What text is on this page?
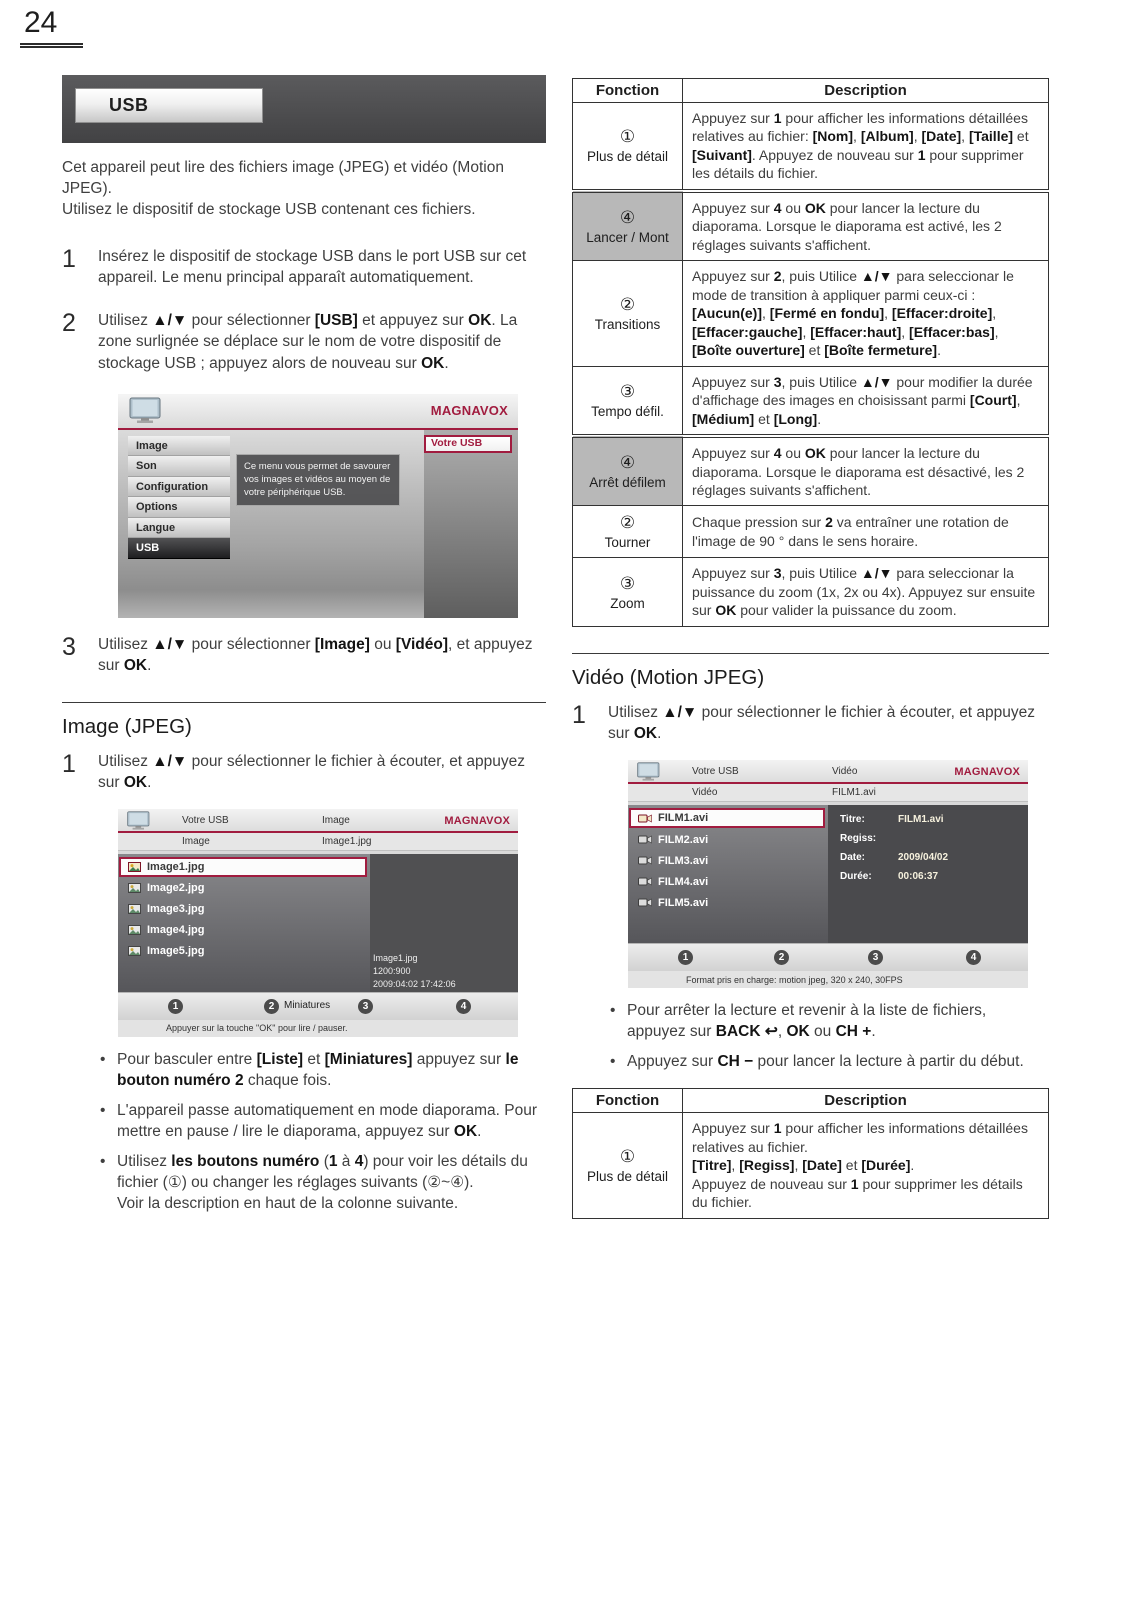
24
USB

Cet appareil peut lire des fichiers image (JPEG) et vidéo (Motion JPEG).
Utilisez le dispositif de stockage USB contenant ces fichiers.

1	Insérez le dispositif de stockage USB dans le port USB sur cet appareil. Le menu principal apparaît automatiquement.
2	Utilisez ▲/▼ pour sélectionner [USB] et appuyez sur OK. La zone surlignée se déplace sur le nom de votre dispositif de stockage USB ; appuyez alors de nouveau sur OK.
MAGNAVOX
Votre USB
Image
Son
Configuration
Options
Langue
USB
Ce menu vous permet de savourer vos images et vidéos au moyen de votre périphérique USB.
3	Utilisez ▲/▼ pour sélectionner [Image] ou [Vidéo], et appuyez sur OK.
Image (JPEG)
1	Utilisez ▲/▼ pour sélectionner le fichier à écouter, et appuyez sur OK.
Votre USB	Image	MAGNAVOX
Image	Image1.jpg
Image1.jpg
Image2.jpg
Image3.jpg
Image4.jpg
Image5.jpg
Image1.jpg
1200:900
2009:04:02 17:42:06
1	2 Miniatures	3	4
Appuyer sur la touche "OK" pour lire / pauser.
•
Pour basculer entre [Liste] et [Miniatures] appuyez sur le bouton numéro 2 chaque fois.
•
L'appareil passe automatiquement en mode diaporama. Pour mettre en pause / lire le diaporama, appuyez sur OK.
•
Utilisez les boutons numéro (1 à 4) pour voir les détails du fichier (①) ou changer les réglages suivants (②~④).
Voir la description en haut de la colonne suivante.
Fonction	Description

①
Plus de détail	Appuyez sur 1 pour afficher les informations détaillées relatives au fichier: [Nom], [Album], [Date], [Taille] et [Suivant]. Appuyez de nouveau sur 1 pour supprimer les détails du fichier.

④
Lancer / Mont	Appuyez sur 4 ou OK pour lancer la lecture du diaporama. Lorsque le diaporama est activé, les 2 réglages suivants s'affichent.

②
Transitions	Appuyez sur 2, puis Utilice ▲/▼ para seleccionar le mode de transition à appliquer parmi ceux-ci : [Aucun(e)], [Fermé en fondu], [Effacer:droite], [Effacer:gauche], [Effacer:haut], [Effacer:bas], [Boîte ouverture] et [Boîte fermeture].

③
Tempo défil.	Appuyez sur 3, puis Utilice ▲/▼ pour modifier la durée d'affichage des images en choisissant parmi [Court], [Médium] et [Long].

④
Arrêt défilem	Appuyez sur 4 ou OK pour lancer la lecture du diaporama. Lorsque le diaporama est désactivé, les 2 réglages suivants s'affichent.

②
Tourner	Chaque pression sur 2 va entraîner une rotation de l'image de 90 ° dans le sens horaire.

③
Zoom	Appuyez sur 3, puis Utilice ▲/▼ para seleccionar la puissance du zoom (1x, 2x ou 4x). Appuyez sur ensuite sur OK pour valider la puissance du zoom.
Vidéo (Motion JPEG)
1	Utilisez ▲/▼ pour sélectionner le fichier à écouter, et appuyez sur OK.
Votre USB	Vidéo	MAGNAVOX
Vidéo	FILM1.avi
FILM1.avi
FILM2.avi
FILM3.avi
FILM4.avi
FILM5.avi
Titre:	FILM1.avi
Regiss:
Date:	2009/04/02
Durée:	00:06:37
1	2	3	4
Format pris en charge: motion jpeg, 320 x 240, 30FPS
•
Pour arrêter la lecture et revenir à la liste de fichiers, appuyez sur BACK ↩, OK ou CH +.
•
Appuyez sur CH − pour lancer la lecture à partir du début.
Fonction	Description

①
Plus de détail	Appuyez sur 1 pour afficher les informations détaillées relatives au fichier.
[Titre], [Regiss], [Date] et [Durée].
Appuyez de nouveau sur 1 pour supprimer les détails du fichier.
